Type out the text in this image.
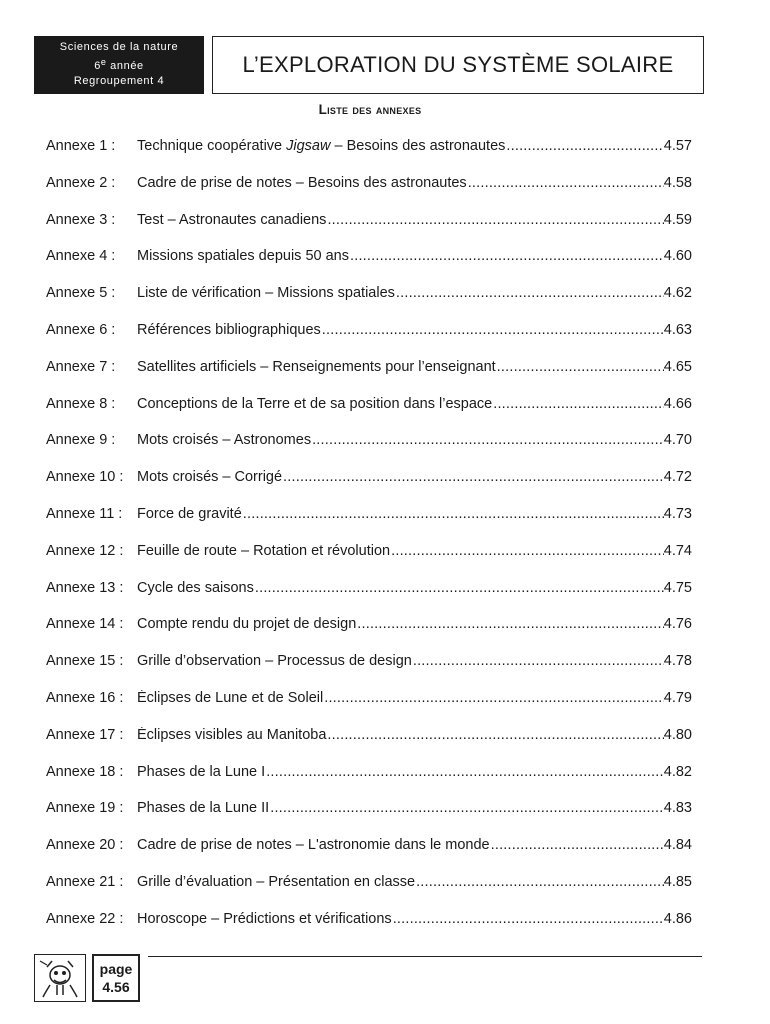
Sciences de la nature
6e année
Regroupement 4
L’EXPLORATION DU SYSTÈME SOLAIRE
Liste des annexes
Annexe 1 :	Technique coopérative Jigsaw – Besoins des astronautes .....	4.57
Annexe 2 :	Cadre de prise de notes – Besoins des astronautes .....	4.58
Annexe 3 :	Test – Astronautes canadiens .....	4.59
Annexe 4 :	Missions spatiales depuis 50 ans .....	4.60
Annexe 5 :	Liste de vérification – Missions spatiales .....	4.62
Annexe 6 :	Références bibliographiques .....	4.63
Annexe 7 :	Satellites artificiels – Renseignements pour l’enseignant .....	4.65
Annexe 8 :	Conceptions de la Terre et de sa position dans l’espace .....	4.66
Annexe 9 :	Mots croisés – Astronomes .....	4.70
Annexe 10 : Mots croisés – Corrigé .....	4.72
Annexe 11 :	Force de gravité .....	4.73
Annexe 12 : Feuille de route – Rotation et révolution .....	4.74
Annexe 13 : Cycle des saisons .....	4.75
Annexe 14 : Compte rendu du projet de design .....	4.76
Annexe 15 : Grille d’observation – Processus de design .....	4.78
Annexe 16 : Éclipses de Lune et de Soleil .....	4.79
Annexe 17 : Éclipses visibles au Manitoba .....	4.80
Annexe 18 : Phases de la Lune I .....	4.82
Annexe 19 : Phases de la Lune II .....	4.83
Annexe 20 : Cadre de prise de notes – L'astronomie dans le monde .....	4.84
Annexe 21 : Grille d’évaluation – Présentation en classe .....	4.85
Annexe 22 : Horoscope – Prédictions et vérifications .....	4.86
page
4.56
